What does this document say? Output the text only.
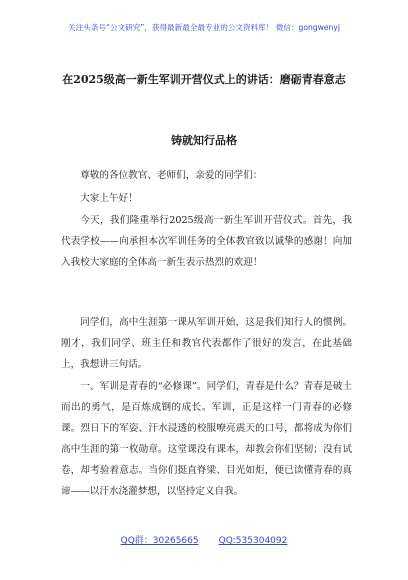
关注头条号“公文研究”，获得最新最全最专业的公文资料库！ 微信：gongwenyj
在2025级高一新生军训开营仪式上的讲话：磨砺青春意志
铸就知行品格

尊敬的各位教官、老师们，亲爱的同学们：

大家上午好！

今天，我们隆重举行2025级高一新生军训开营仪式。首先，我代表学校——向承担本次军训任务的全体教官致以诚挚的感谢！向加入我校大家庭的全体高一新生表示热烈的欢迎！

同学们，高中生涯第一课从军训开始，这是我们知行人的惯例。刚才，我们同学、班主任和教官代表都作了很好的发言，在此基础上，我想讲三句话。

一、军训是青春的“必修课”。同学们，青春是什么？青春是破土而出的勇气，是百炼成钢的成长。军训，正是这样一门青春的必修课。烈日下的军姿、汗水浸透的校服嘹亮震天的口号，都将成为你们高中生涯的第一枚勋章。这堂课没有课本，却教会你们坚韧；没有试卷，却考验着意志。当你们挺直脊梁、目光如炬，便已读懂青春的真谛——以汗水浇灌梦想，以坚持定义自我。

QQ群：30265665 QQ:535304092
